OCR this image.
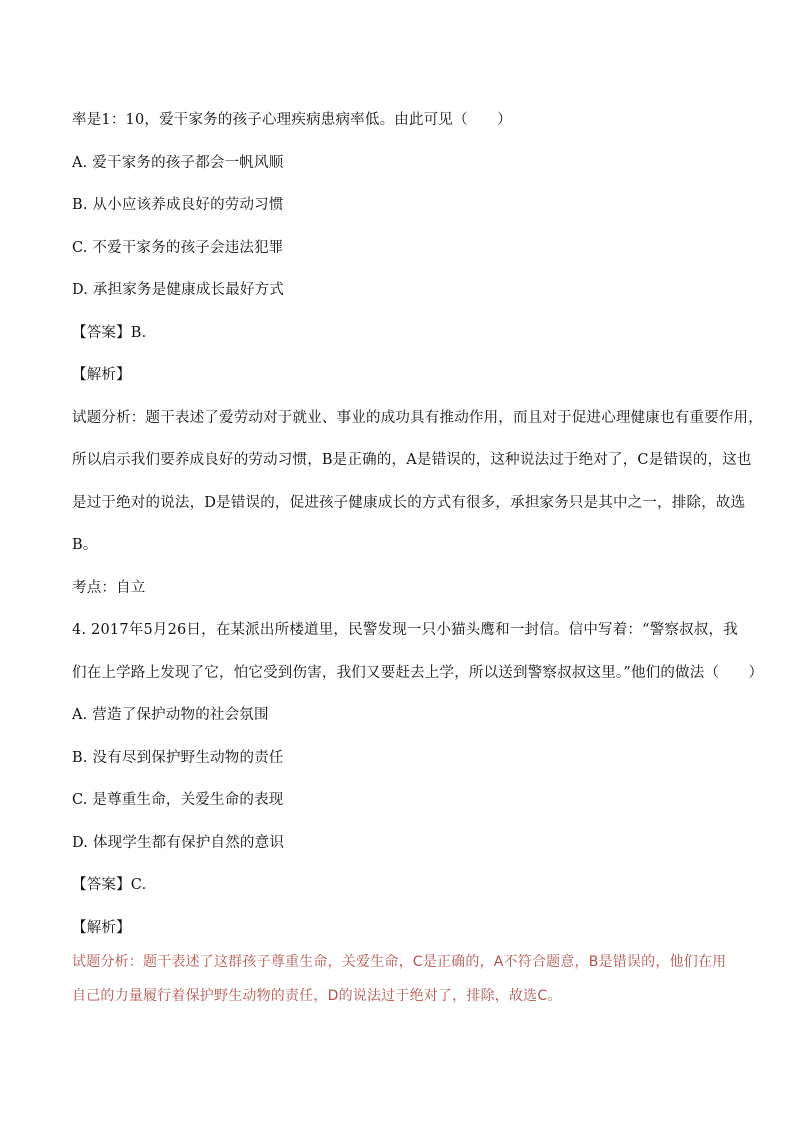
率是1：10，爱干家务的孩子心理疾病患病率低。由此可见（　　）
A. 爱干家务的孩子都会一帆风顺
B. 从小应该养成良好的劳动习惯
C. 不爱干家务的孩子会违法犯罪
D. 承担家务是健康成长最好方式
【答案】B.
【解析】
试题分析：题干表述了爱劳动对于就业、事业的成功具有推动作用，而且对于促进心理健康也有重要作用，
所以启示我们要养成良好的劳动习惯，B是正确的，A是错误的，这种说法过于绝对了，C是错误的，这也
是过于绝对的说法，D是错误的，促进孩子健康成长的方式有很多，承担家务只是其中之一，排除，故选
B。
考点：自立
4. 2017年5月26日，在某派出所楼道里，民警发现一只小猫头鹰和一封信。信中写着：“警察叔叔，我
们在上学路上发现了它，怕它受到伤害，我们又要赶去上学，所以送到警察叔叔这里。”他们的做法（　　）
A. 营造了保护动物的社会氛围
B. 没有尽到保护野生动物的责任
C. 是尊重生命，关爱生命的表现
D. 体现学生都有保护自然的意识
【答案】C.
【解析】
试题分析：题干表述了这群孩子尊重生命，关爱生命，C是正确的，A不符合题意，B是错误的，他们在用
自己的力量履行着保护野生动物的责任，D的说法过于绝对了，排除，故选C。
